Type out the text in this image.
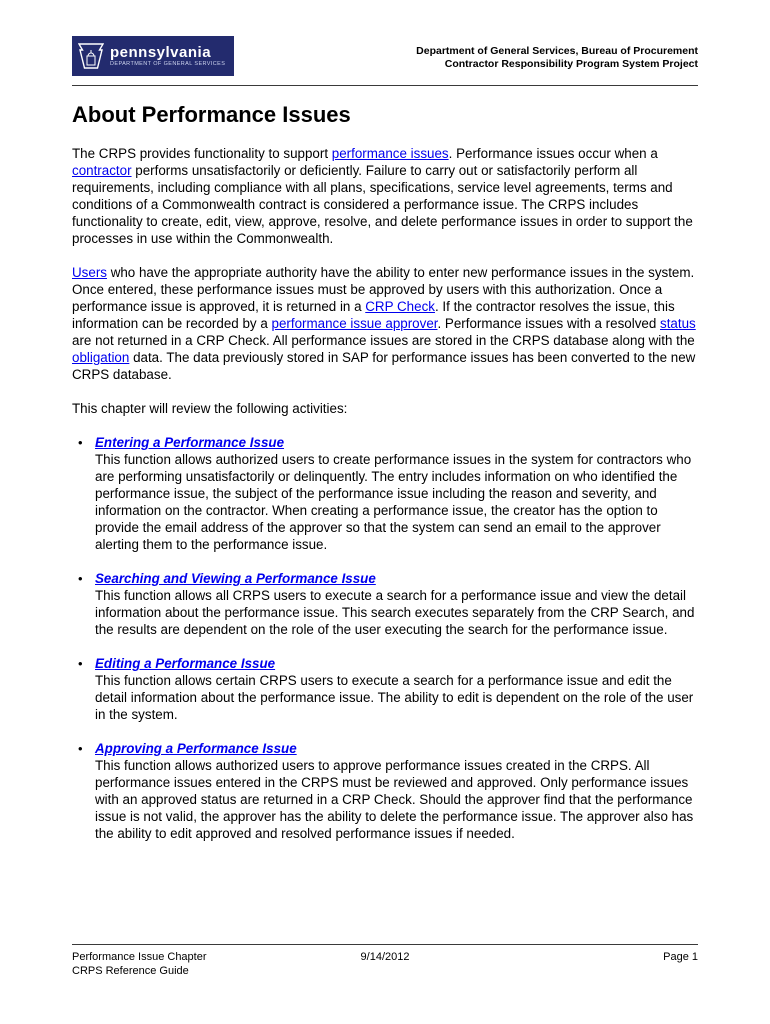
pennsylvania
DEPARTMENT OF GENERAL SERVICES
Department of General Services, Bureau of Procurement
Contractor Responsibility Program System Project
About Performance Issues

The CRPS provides functionality to support performance issues. Performance issues occur when a contractor performs unsatisfactorily or deficiently. Failure to carry out or satisfactorily perform all requirements, including compliance with all plans, specifications, service level agreements, terms and conditions of a Commonwealth contract is considered a performance issue. The CRPS includes functionality to create, edit, view, approve, resolve, and delete performance issues in order to support the processes in use within the Commonwealth.

Users who have the appropriate authority have the ability to enter new performance issues in the system. Once entered, these performance issues must be approved by users with this authorization. Once a performance issue is approved, it is returned in a CRP Check. If the contractor resolves the issue, this information can be recorded by a performance issue approver. Performance issues with a resolved status are not returned in a CRP Check. All performance issues are stored in the CRPS database along with the obligation data. The data previously stored in SAP for performance issues has been converted to the new CRPS database.

This chapter will review the following activities:

• Entering a Performance Issue
This function allows authorized users to create performance issues in the system for contractors who are performing unsatisfactorily or delinquently. The entry includes information on who identified the performance issue, the subject of the performance issue including the reason and severity, and information on the contractor. When creating a performance issue, the creator has the option to provide the email address of the approver so that the system can send an email to the approver alerting them to the performance issue.
• Searching and Viewing a Performance Issue
This function allows all CRPS users to execute a search for a performance issue and view the detail information about the performance issue. This search executes separately from the CRP Search, and the results are dependent on the role of the user executing the search for the performance issue.
• Editing a Performance Issue
This function allows certain CRPS users to execute a search for a performance issue and edit the detail information about the performance issue. The ability to edit is dependent on the role of the user in the system.
• Approving a Performance Issue
This function allows authorized users to approve performance issues created in the CRPS. All performance issues entered in the CRPS must be reviewed and approved. Only performance issues with an approved status are returned in a CRP Check. Should the approver find that the performance issue is not valid, the approver has the ability to delete the performance issue. The approver also has the ability to edit approved and resolved performance issues if needed.
Performance Issue Chapter
CRPS Reference Guide
9/14/2012	Page 1
